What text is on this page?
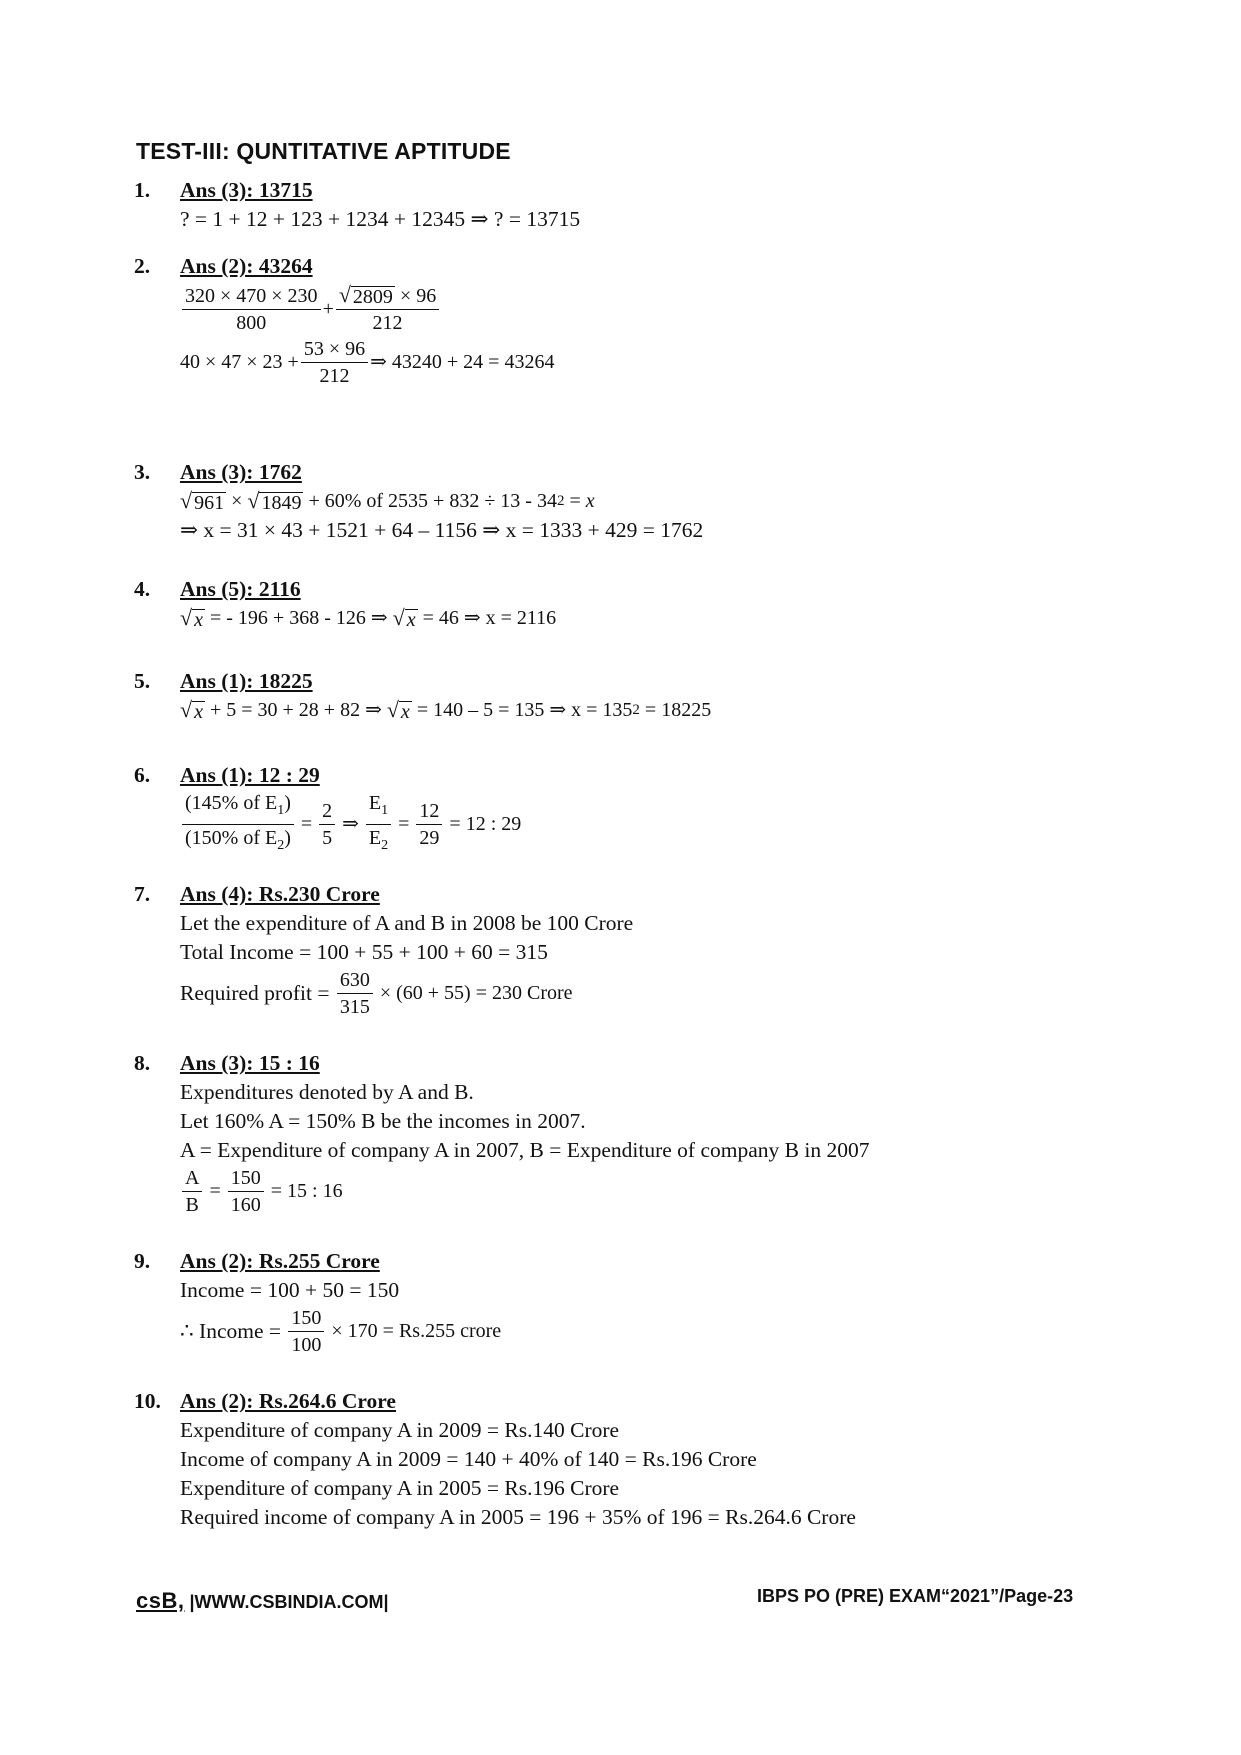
TEST-III: QUNTITATIVE APTITUDE
1. Ans (3): 13715
? = 1 + 12 + 123 + 1234 + 12345 ⇒ ? = 13715
2. Ans (2): 43264
$\frac{320 \times 470 \times 230}{800} + \frac{√ 2809 \times 96}{212}$
$40 \times 47 \times 23 + \frac{53 \times 96}{212}$ ⇒ 43240 + 24 = 43264
3. Ans (3): 1762
√ 961 × √ 1849 + 60% of 2535 + 832 ÷ 13 - 34 2 = x
⇒ x = 31 × 43 + 1521 + 64 – 1156 ⇒ x = 1333 + 429 = 1762
4. Ans (5): 2116
√ x = - 196 + 368 - 126 ⇒ √ x = 46 ⇒ x = 2116
5. Ans (1): 18225
√ x + 5 = 30 + 28 + 82 ⇒ √ x = 140 – 5 = 135 ⇒ x = 135 2 = 18225
6. Ans (1): 12 : 29
$\frac{(145\% of E_1)}{(150\% of E_2)} = \frac{2}{5}$ ⇒ $\frac{E_1}{E_2} = \frac{12}{29} = 12$ : 29
7. Ans (4): Rs.230 Crore
Let the expenditure of A and B in 2008 be 100 Crore
Total Income = 100 + 55 + 100 + 60 = 315
Required profit = $\frac{630}{315} \times (60 + 55) = 230$ Crore
8. Ans (3): 15 : 16
Expenditures denoted by A and B.
Let 160% A = 150% B be the incomes in 2007.
A = Expenditure of company A in 2007, B = Expenditure of company B in 2007
$\frac{A}{B} = \frac{150}{160} = 15$ : 16
9. Ans (2): Rs.255 Crore
Income = 100 + 50 = 150
∴ Income = $\frac{150}{100} \times 170 = Rs.255$ crore
10. Ans (2): Rs.264.6 Crore
Expenditure of company A in 2009 = Rs.140 Crore
Income of company A in 2009 = 140 + 40% of 140 = Rs.196 Crore
Expenditure of company A in 2005 = Rs.196 Crore
Required income of company A in 2005 = 196 + 35% of 196 = Rs.264.6 Crore
csB, |WWW.CSBINDIA.COM|	IBPS PO (PRE) EXAM“2021”/Page-23
